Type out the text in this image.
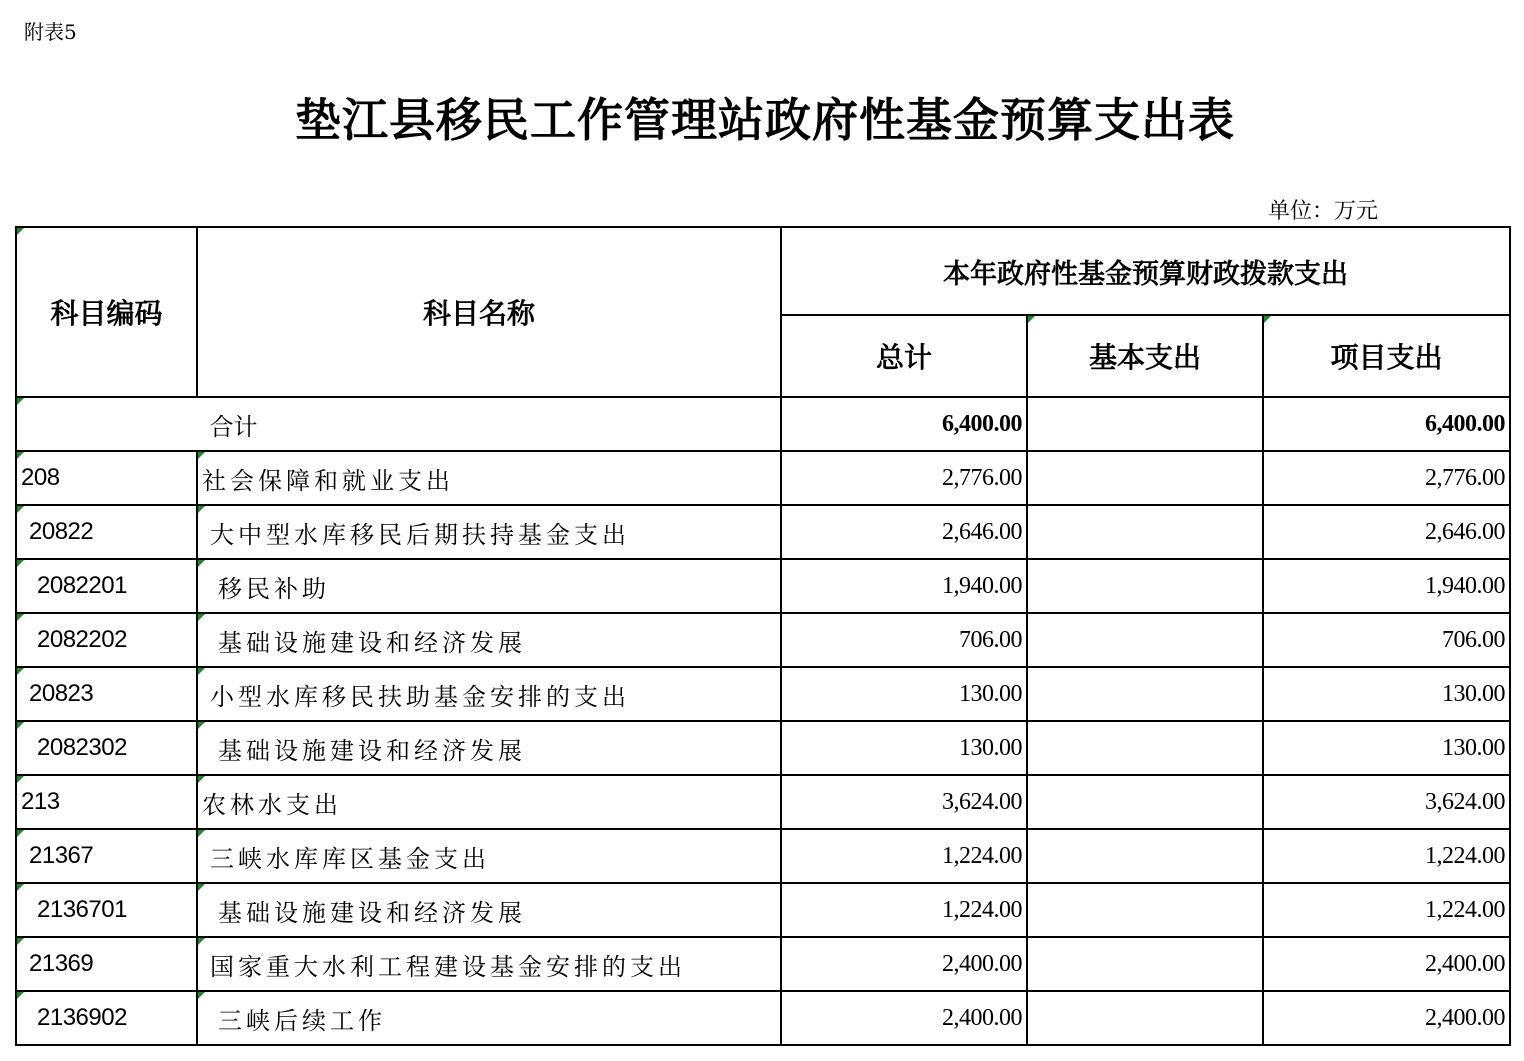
附表5
垫江县移民工作管理站政府性基金预算支出表
单位：万元
科目编码	科目名称	本年政府性基金预算财政拨款支出		
		总计	基本支出	项目支出
合计		6,400.00		6,400.00
208	社会保障和就业支出	2,776.00		2,776.00
20822	大中型水库移民后期扶持基金支出	2,646.00		2,646.00
2082201	移民补助	1,940.00		1,940.00
2082202	基础设施建设和经济发展	706.00		706.00
20823	小型水库移民扶助基金安排的支出	130.00		130.00
2082302	基础设施建设和经济发展	130.00		130.00
213	农林水支出	3,624.00		3,624.00
21367	三峡水库库区基金支出	1,224.00		1,224.00
2136701	基础设施建设和经济发展	1,224.00		1,224.00
21369	国家重大水利工程建设基金安排的支出	2,400.00		2,400.00
2136902	三峡后续工作	2,400.00		2,400.00
